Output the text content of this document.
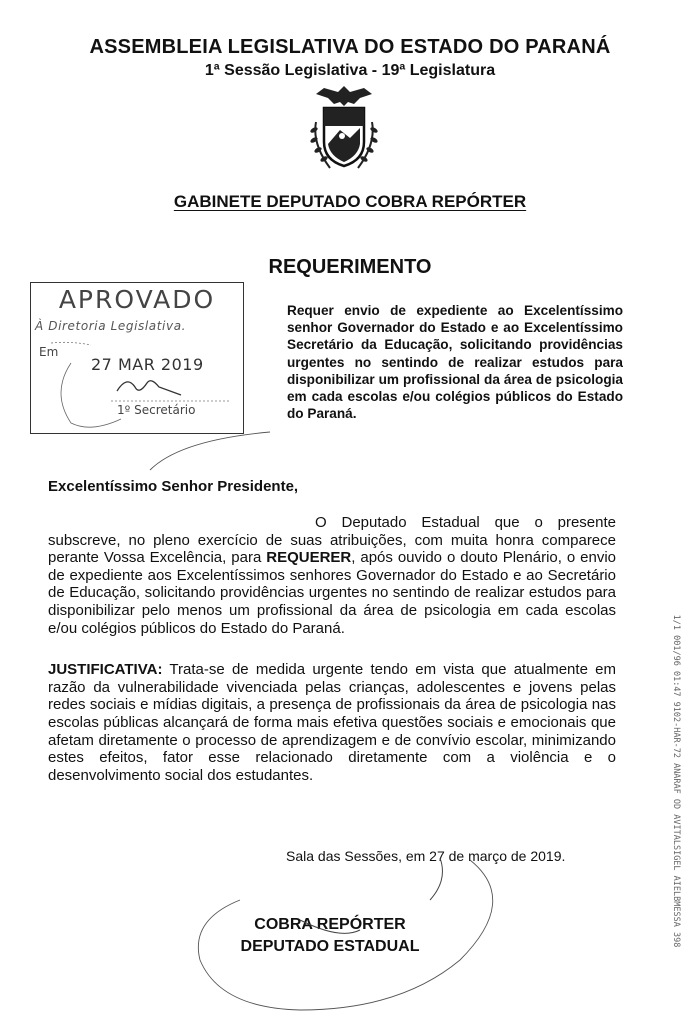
ASSEMBLEIA LEGISLATIVA DO ESTADO DO PARANÁ
1ª Sessão Legislativa - 19ª Legislatura
GABINETE DEPUTADO COBRA REPÓRTER
REQUERIMENTO
APROVADO
À Diretoria Legislativa.
Em
27 MAR 2019
1º Secretário
Requer envio de expediente ao Excelentíssimo senhor Governador do Estado e ao Excelentíssimo Secretário da Educação, solicitando providências urgentes no sentindo de realizar estudos para disponibilizar um profissional da área de psicologia em cada escolas e/ou colégios públicos do Estado do Paraná.
Excelentíssimo Senhor Presidente,

O Deputado Estadual que o presente subscreve, no pleno exercício de suas atribuições, com muita honra comparece perante Vossa Excelência, para REQUERER, após ouvido o douto Plenário, o envio de expediente aos Excelentíssimos senhores Governador do Estado e ao Secretário de Educação, solicitando providências urgentes no sentindo de realizar estudos para disponibilizar pelo menos um profissional da área de psicologia em cada escolas e/ou colégios públicos do Estado do Paraná.

JUSTIFICATIVA: Trata-se de medida urgente tendo em vista que atualmente em razão da vulnerabilidade vivenciada pelas crianças, adolescentes e jovens pelas redes sociais e mídias digitais, a presença de profissionais da área de psicologia nas escolas públicas alcançará de forma mais efetiva questões sociais e emocionais que afetam diretamente o processo de aprendizagem e de convívio escolar, minimizando estes efeitos, fator esse relacionado diretamente com a violência e o desenvolvimento social dos estudantes.

Sala das Sessões, em 27 de março de 2019.
COBRA REPÓRTER
DEPUTADO ESTADUAL	1/1 001/96 01:47 9102-HAR-72 ANARAF OD AVITALSIGEL AIELBMESSA 398
